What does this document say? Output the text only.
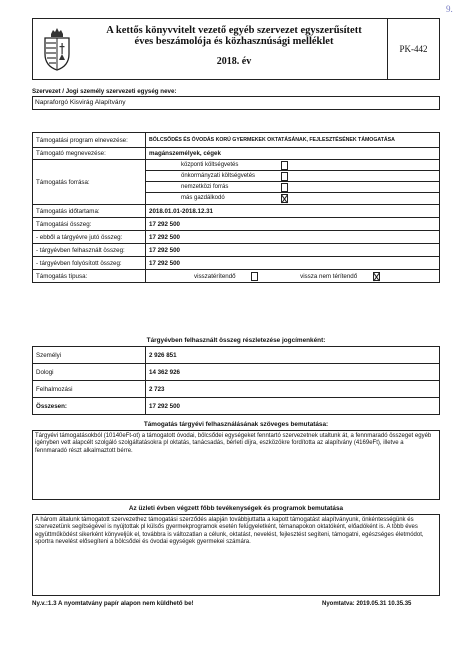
9.
A kettős könyvvitelt vezető egyéb szervezet egyszerűsített
éves beszámolója és közhasznúsági melléklet
2018. év
PK-442
Szervezet / Jogi személy szervezeti egység neve:
Napraforgó Kisvirág Alapítvány
Támogatási program elnevezése:	BÖLCSŐDÉS ÉS ÓVODÁS KORÚ GYERMEKEK OKTATÁSÁNAK, FEJLESZTÉSÉNEK TÁMOGATÁSA
Támogató megnevezése:	magánszemélyek, cégek
Támogatás forrása:	központi költségvetés
önkormányzati költségvetés
nemzetközi forrás
más gazdálkodó

Támogatás időtartama:	2018.01.01-2018.12.31
Támogatási összeg:	17 292 500
- ebből a tárgyévre jutó összeg:	17 292 500
- tárgyévben felhasznált összeg:	17 292 500
- tárgyévben folyósított összeg:	17 292 500
Támogatás típusa:	visszatérítendő vissza nem térítendő
Tárgyévben felhasznált összeg részletezése jogcímenként:
Személyi	2 926 851
Dologi	14 362 926
Felhalmozási	2 723
Összesen:	17 292 500
Támogatás tárgyévi felhasználásának szöveges bemutatása:
Tárgyévi támogatásokból (10140eFt-ot) a támogatott óvodai, bölcsődei egységeket fenntartó szervezetnek utaltunk át, a fennmaradó összeget egyéb igényben vett alapcélt szolgáló szolgáltatásokra pl oktatás, tanácsadás, bérleti díjra, eszközökre fordította az alapítvány (4169eFt), illetve a fennmaradó részt alkalmaztott bérre.
Az üzleti évben végzett főbb tevékenységek és programok bemutatása
A három általunk támogatott szervezethez támogatási szerződés alapján továbbjuttatta a kapott támogatást alapítványunk, önkéntességünk és szervezetünk segítségével is nyújtottak pl külsős gyermekprogramok esetén felügyeletként, témanapokon oktatóként, előadóként is. A több éves együttműködést sikerként könyveljük el, továbbra is változatlan a célunk, oktatást, nevelést, fejlesztést segíteni, támogatni, egészséges életmódot, sportra nevelést elősegíteni a bölcsődei és óvodai egységek gyermekei számára.
Ny.v.:1.3 A nyomtatvány papír alapon nem küldhető be!	Nyomtatva: 2019.05.31 10.35.35
